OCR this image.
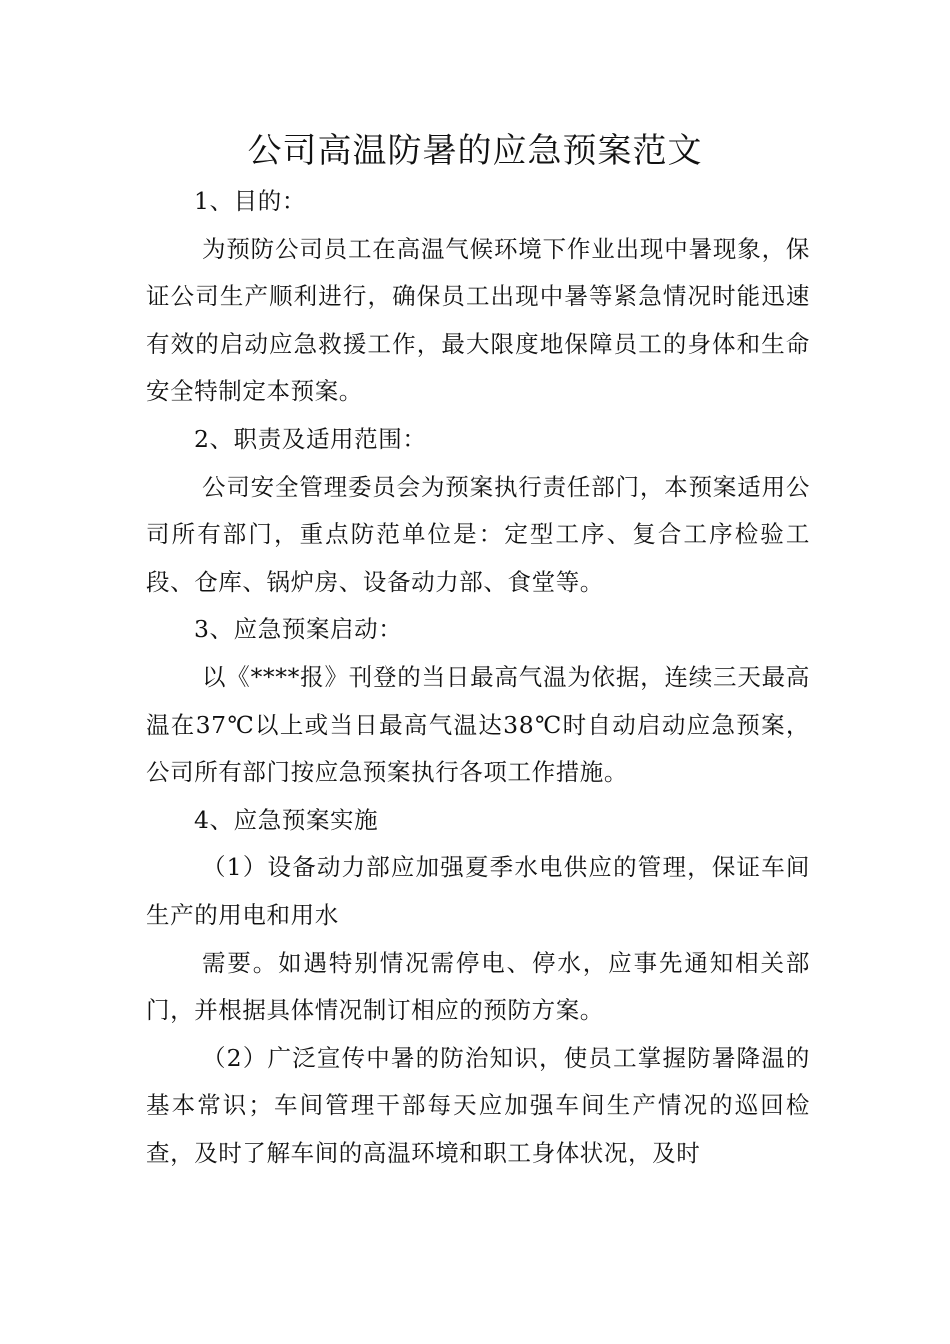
公司高温防暑的应急预案范文

1、目的：

为预防公司员工在高温气候环境下作业出现中暑现象，保证公司生产顺利进行，确保员工出现中暑等紧急情况时能迅速有效的启动应急救援工作，最大限度地保障员工的身体和生命安全特制定本预案。

2、职责及适用范围：

公司安全管理委员会为预案执行责任部门，本预案适用公司所有部门，重点防范单位是：定型工序、复合工序检验工段、仓库、锅炉房、设备动力部、食堂等。

3、应急预案启动：

以《****报》刊登的当日最高气温为依据，连续三天最高温在37℃以上或当日最高气温达38℃时自动启动应急预案，公司所有部门按应急预案执行各项工作措施。

4、应急预案实施

（1）设备动力部应加强夏季水电供应的管理，保证车间生产的用电和用水

需要。如遇特别情况需停电、停水，应事先通知相关部门，并根据具体情况制订相应的预防方案。

（2）广泛宣传中暑的防治知识，使员工掌握防暑降温的基本常识；车间管理干部每天应加强车间生产情况的巡回检查，及时了解车间的高温环境和职工身体状况，及时
